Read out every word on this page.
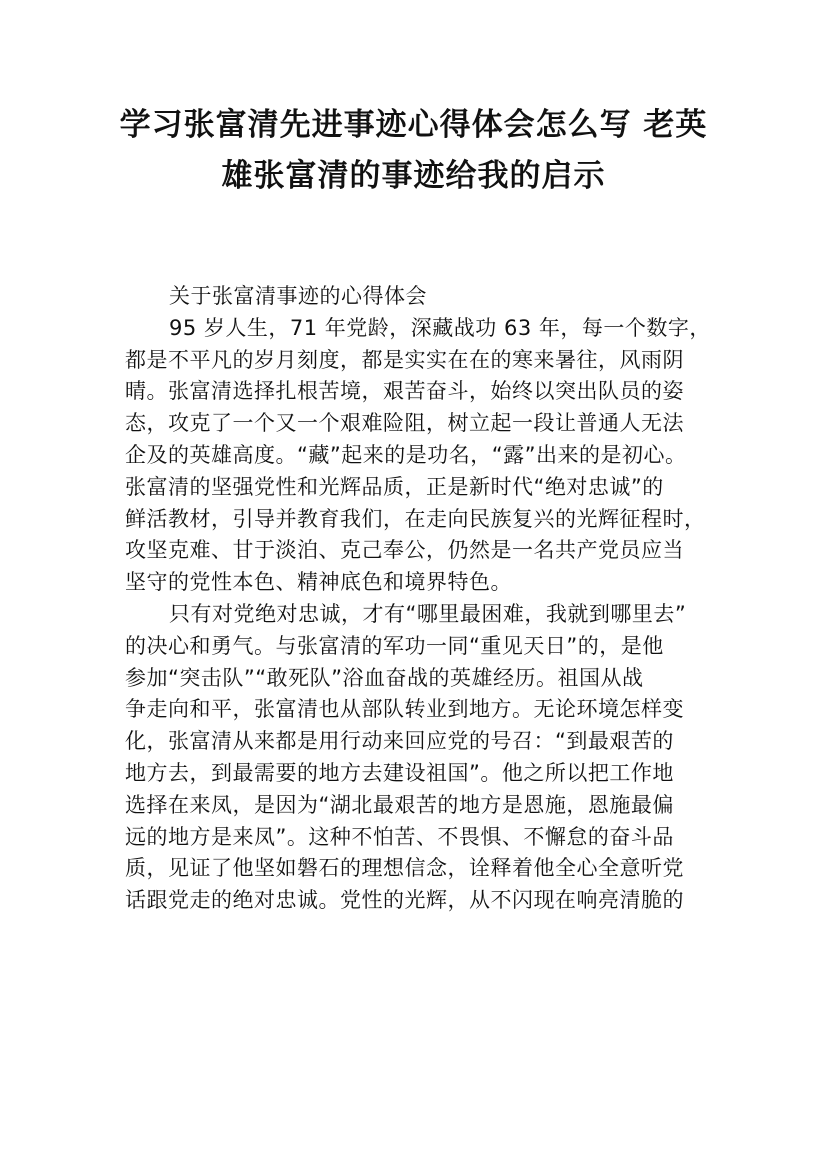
学习张富清先进事迹心得体会怎么写 老英
雄张富清的事迹给我的启示

关于张富清事迹的心得体会

95 岁人生，71 年党龄，深藏战功 63 年，每一个数字，
都是不平凡的岁月刻度，都是实实在在的寒来暑往，风雨阴
晴。张富清选择扎根苦境，艰苦奋斗，始终以突出队员的姿
态，攻克了一个又一个艰难险阻，树立起一段让普通人无法
企及的英雄高度。“藏”起来的是功名，“露”出来的是初心。
张富清的坚强党性和光辉品质，正是新时代“绝对忠诚”的
鲜活教材，引导并教育我们，在走向民族复兴的光辉征程时，
攻坚克难、甘于淡泊、克己奉公，仍然是一名共产党员应当
坚守的党性本色、精神底色和境界特色。

只有对党绝对忠诚，才有“哪里最困难，我就到哪里去”
的决心和勇气。与张富清的军功一同“重见天日”的，是他
参加“突击队”“敢死队”浴血奋战的英雄经历。祖国从战
争走向和平，张富清也从部队转业到地方。无论环境怎样变
化，张富清从来都是用行动来回应党的号召：“到最艰苦的
地方去，到最需要的地方去建设祖国”。他之所以把工作地
选择在来凤，是因为“湖北最艰苦的地方是恩施，恩施最偏
远的地方是来凤”。这种不怕苦、不畏惧、不懈怠的奋斗品
质，见证了他坚如磐石的理想信念，诠释着他全心全意听党
话跟党走的绝对忠诚。党性的光辉，从不闪现在响亮清脆的
